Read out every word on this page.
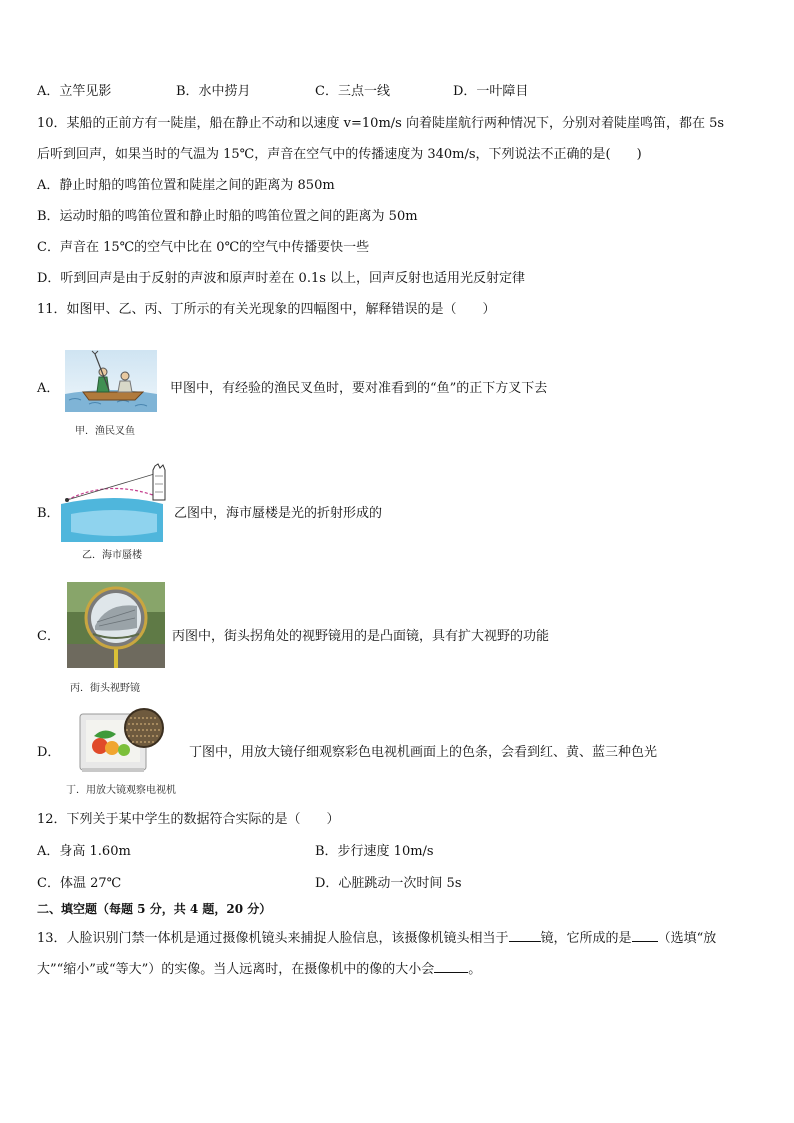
A．立竿见影	B．水中捞月	C．三点一线	D．一叶障目
10．某船的正前方有一陡崖，船在静止不动和以速度 v=10m/s 向着陡崖航行两种情况下，分别对着陡崖鸣笛，都在 5s
后听到回声，如果当时的气温为 15℃，声音在空气中的传播速度为 340m/s，下列说法不正确的是(　　)
A．静止时船的鸣笛位置和陡崖之间的距离为 850m
B．运动时船的鸣笛位置和静止时船的鸣笛位置之间的距离为 50m
C．声音在 15℃的空气中比在 0℃的空气中传播要快一些
D．听到回声是由于反射的声波和原声时差在 0.1s 以上，回声反射也适用光反射定律
11．如图甲、乙、丙、丁所示的有关光现象的四幅图中，解释错误的是（　　）
A．
甲．渔民叉鱼
甲图中，有经验的渔民叉鱼时，要对准看到的“鱼”的正下方叉下去
B．
乙．海市蜃楼
乙图中，海市蜃楼是光的折射形成的
C．
丙．街头视野镜
丙图中，街头拐角处的视野镜用的是凸面镜，具有扩大视野的功能
D．
丁．用放大镜观察电视机
丁图中，用放大镜仔细观察彩色电视机画面上的色条，会看到红、黄、蓝三种色光
12．下列关于某中学生的数据符合实际的是（　　）
A．身高 1.60m	B．步行速度 10m/s
C．体温 27℃	D．心脏跳动一次时间 5s
二、填空题（每题 5 分，共 4 题，20 分）
13．人脸识别门禁一体机是通过摄像机镜头来捕捉人脸信息，该摄像机镜头相当于 镜，它所成的是 （选填“放
大”“缩小”或“等大”）的实像。当人远离时，在摄像机中的像的大小会	。
